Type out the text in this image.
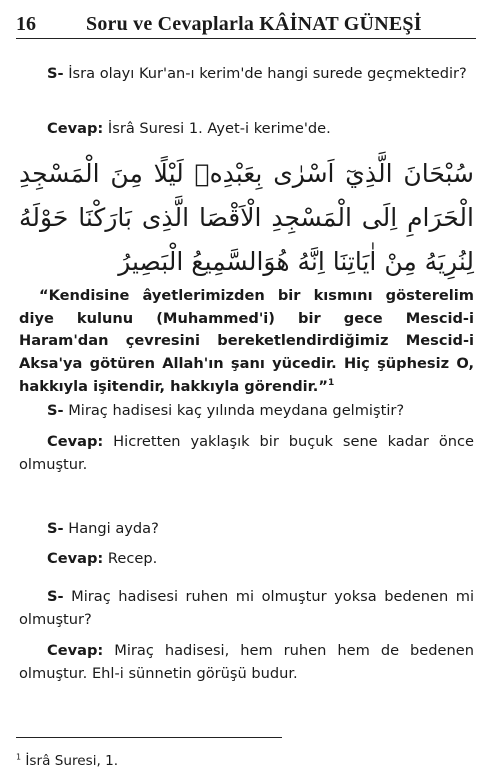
16	Soru ve Cevaplarla KÂİNAT GÜNEŞİ

S- İsra olayı Kur'an-ı kerim'de hangi surede geçmektedir?

Cevap: İsrâ Suresi 1. Ayet-i kerime'de.

سُبْحَانَ الَّذِيٓ اَسْرٰى بِعَبْدِهٖ لَيْلًا مِنَ الْمَسْجِدِ الْحَرَامِ اِلَى الْمَسْجِدِ الْاَقْصَا الَّذِى بَارَكْنَا حَوْلَهُ لِنُرِيَهُ مِنْ اٰيَاتِنَا اِنَّهُ هُوَالسَّمِيعُ الْبَصِيرُ
“Kendisine âyetlerimizden bir kısmını gösterelim diye kulunu (Muhammed'i) bir gece Mescid-i Haram'dan çevresini bereketlendirdiğimiz Mescid-i Aksa'ya götüren Allah'ın şanı yücedir. Hiç şüphesiz O, hakkıyla işitendir, hakkıyla görendir.”$^1$

S- Miraç hadisesi kaç yılında meydana gelmiştir?

Cevap: Hicretten yaklaşık bir buçuk sene kadar önce olmuştur.

S- Hangi ayda?

Cevap: Recep.

S- Miraç hadisesi ruhen mi olmuştur yoksa bedenen mi olmuştur?

Cevap: Miraç hadisesi, hem ruhen hem de bedenen olmuştur. Ehl-i sünnetin görüşü budur.

$^1$ İsrâ Suresi, 1.
